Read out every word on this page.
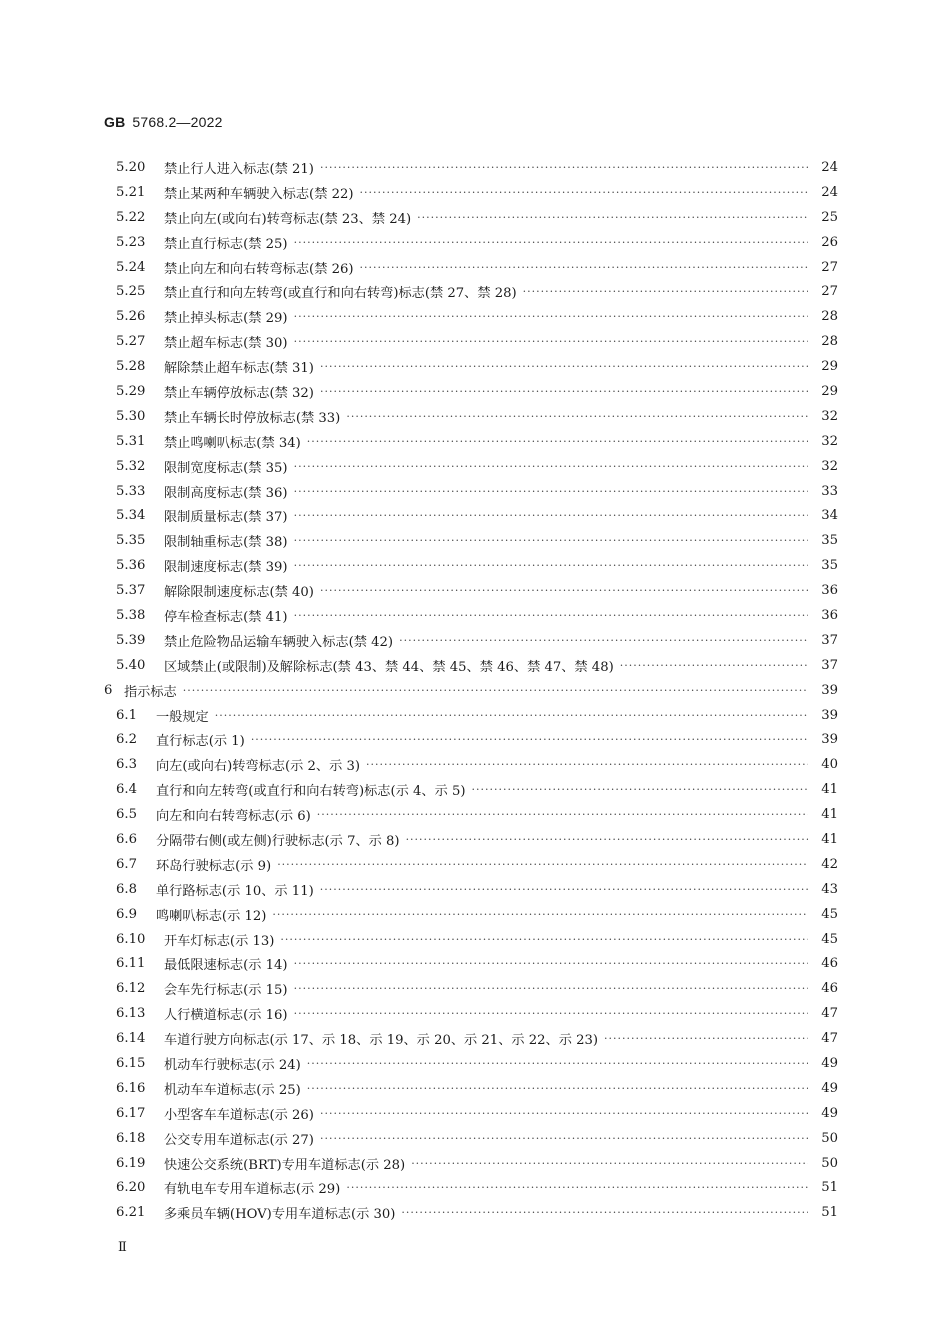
GB 5768.2—2022
5.20	禁止行人进入标志(禁 21) ·····	24
5.21	禁止某两种车辆驶入标志(禁 22) ·····	24
5.22	禁止向左(或向右)转弯标志(禁 23、禁 24) ·····	25
5.23	禁止直行标志(禁 25) ·····	26
5.24	禁止向左和向右转弯标志(禁 26) ·····	27
5.25	禁止直行和向左转弯(或直行和向右转弯)标志(禁 27、禁 28) ·····	27
5.26	禁止掉头标志(禁 29) ·····	28
5.27	禁止超车标志(禁 30) ·····	28
5.28	解除禁止超车标志(禁 31) ·····	29
5.29	禁止车辆停放标志(禁 32) ·····	29
5.30	禁止车辆长时停放标志(禁 33) ·····	32
5.31	禁止鸣喇叭标志(禁 34) ·····	32
5.32	限制宽度标志(禁 35) ·····	32
5.33	限制高度标志(禁 36) ·····	33
5.34	限制质量标志(禁 37) ·····	34
5.35	限制轴重标志(禁 38) ·····	35
5.36	限制速度标志(禁 39) ·····	35
5.37	解除限制速度标志(禁 40) ·····	36
5.38	停车检查标志(禁 41) ·····	36
5.39	禁止危险物品运输车辆驶入标志(禁 42) ·····	37
5.40	区域禁止(或限制)及解除标志(禁 43、禁 44、禁 45、禁 46、禁 47、禁 48) ·····	37
6 指示标志 ·····	39
6.1	一般规定 ·····	39
6.2	直行标志(示 1) ·····	39
6.3	向左(或向右)转弯标志(示 2、示 3) ·····	40
6.4	直行和向左转弯(或直行和向右转弯)标志(示 4、示 5) ·····	41
6.5	向左和向右转弯标志(示 6) ·····	41
6.6	分隔带右侧(或左侧)行驶标志(示 7、示 8) ·····	41
6.7	环岛行驶标志(示 9) ·····	42
6.8	单行路标志(示 10、示 11) ·····	43
6.9	鸣喇叭标志(示 12) ·····	45
6.10	开车灯标志(示 13) ·····	45
6.11	最低限速标志(示 14) ·····	46
6.12	会车先行标志(示 15) ·····	46
6.13	人行横道标志(示 16) ·····	47
6.14	车道行驶方向标志(示 17、示 18、示 19、示 20、示 21、示 22、示 23) ·····	47
6.15	机动车行驶标志(示 24) ·····	49
6.16	机动车车道标志(示 25) ·····	49
6.17	小型客车车道标志(示 26) ·····	49
6.18	公交专用车道标志(示 27) ·····	50
6.19	快速公交系统(BRT)专用车道标志(示 28) ·····	50
6.20	有轨电车专用车道标志(示 29) ·····	51
6.21	多乘员车辆(HOV)专用车道标志(示 30) ·····	51
Ⅱ
